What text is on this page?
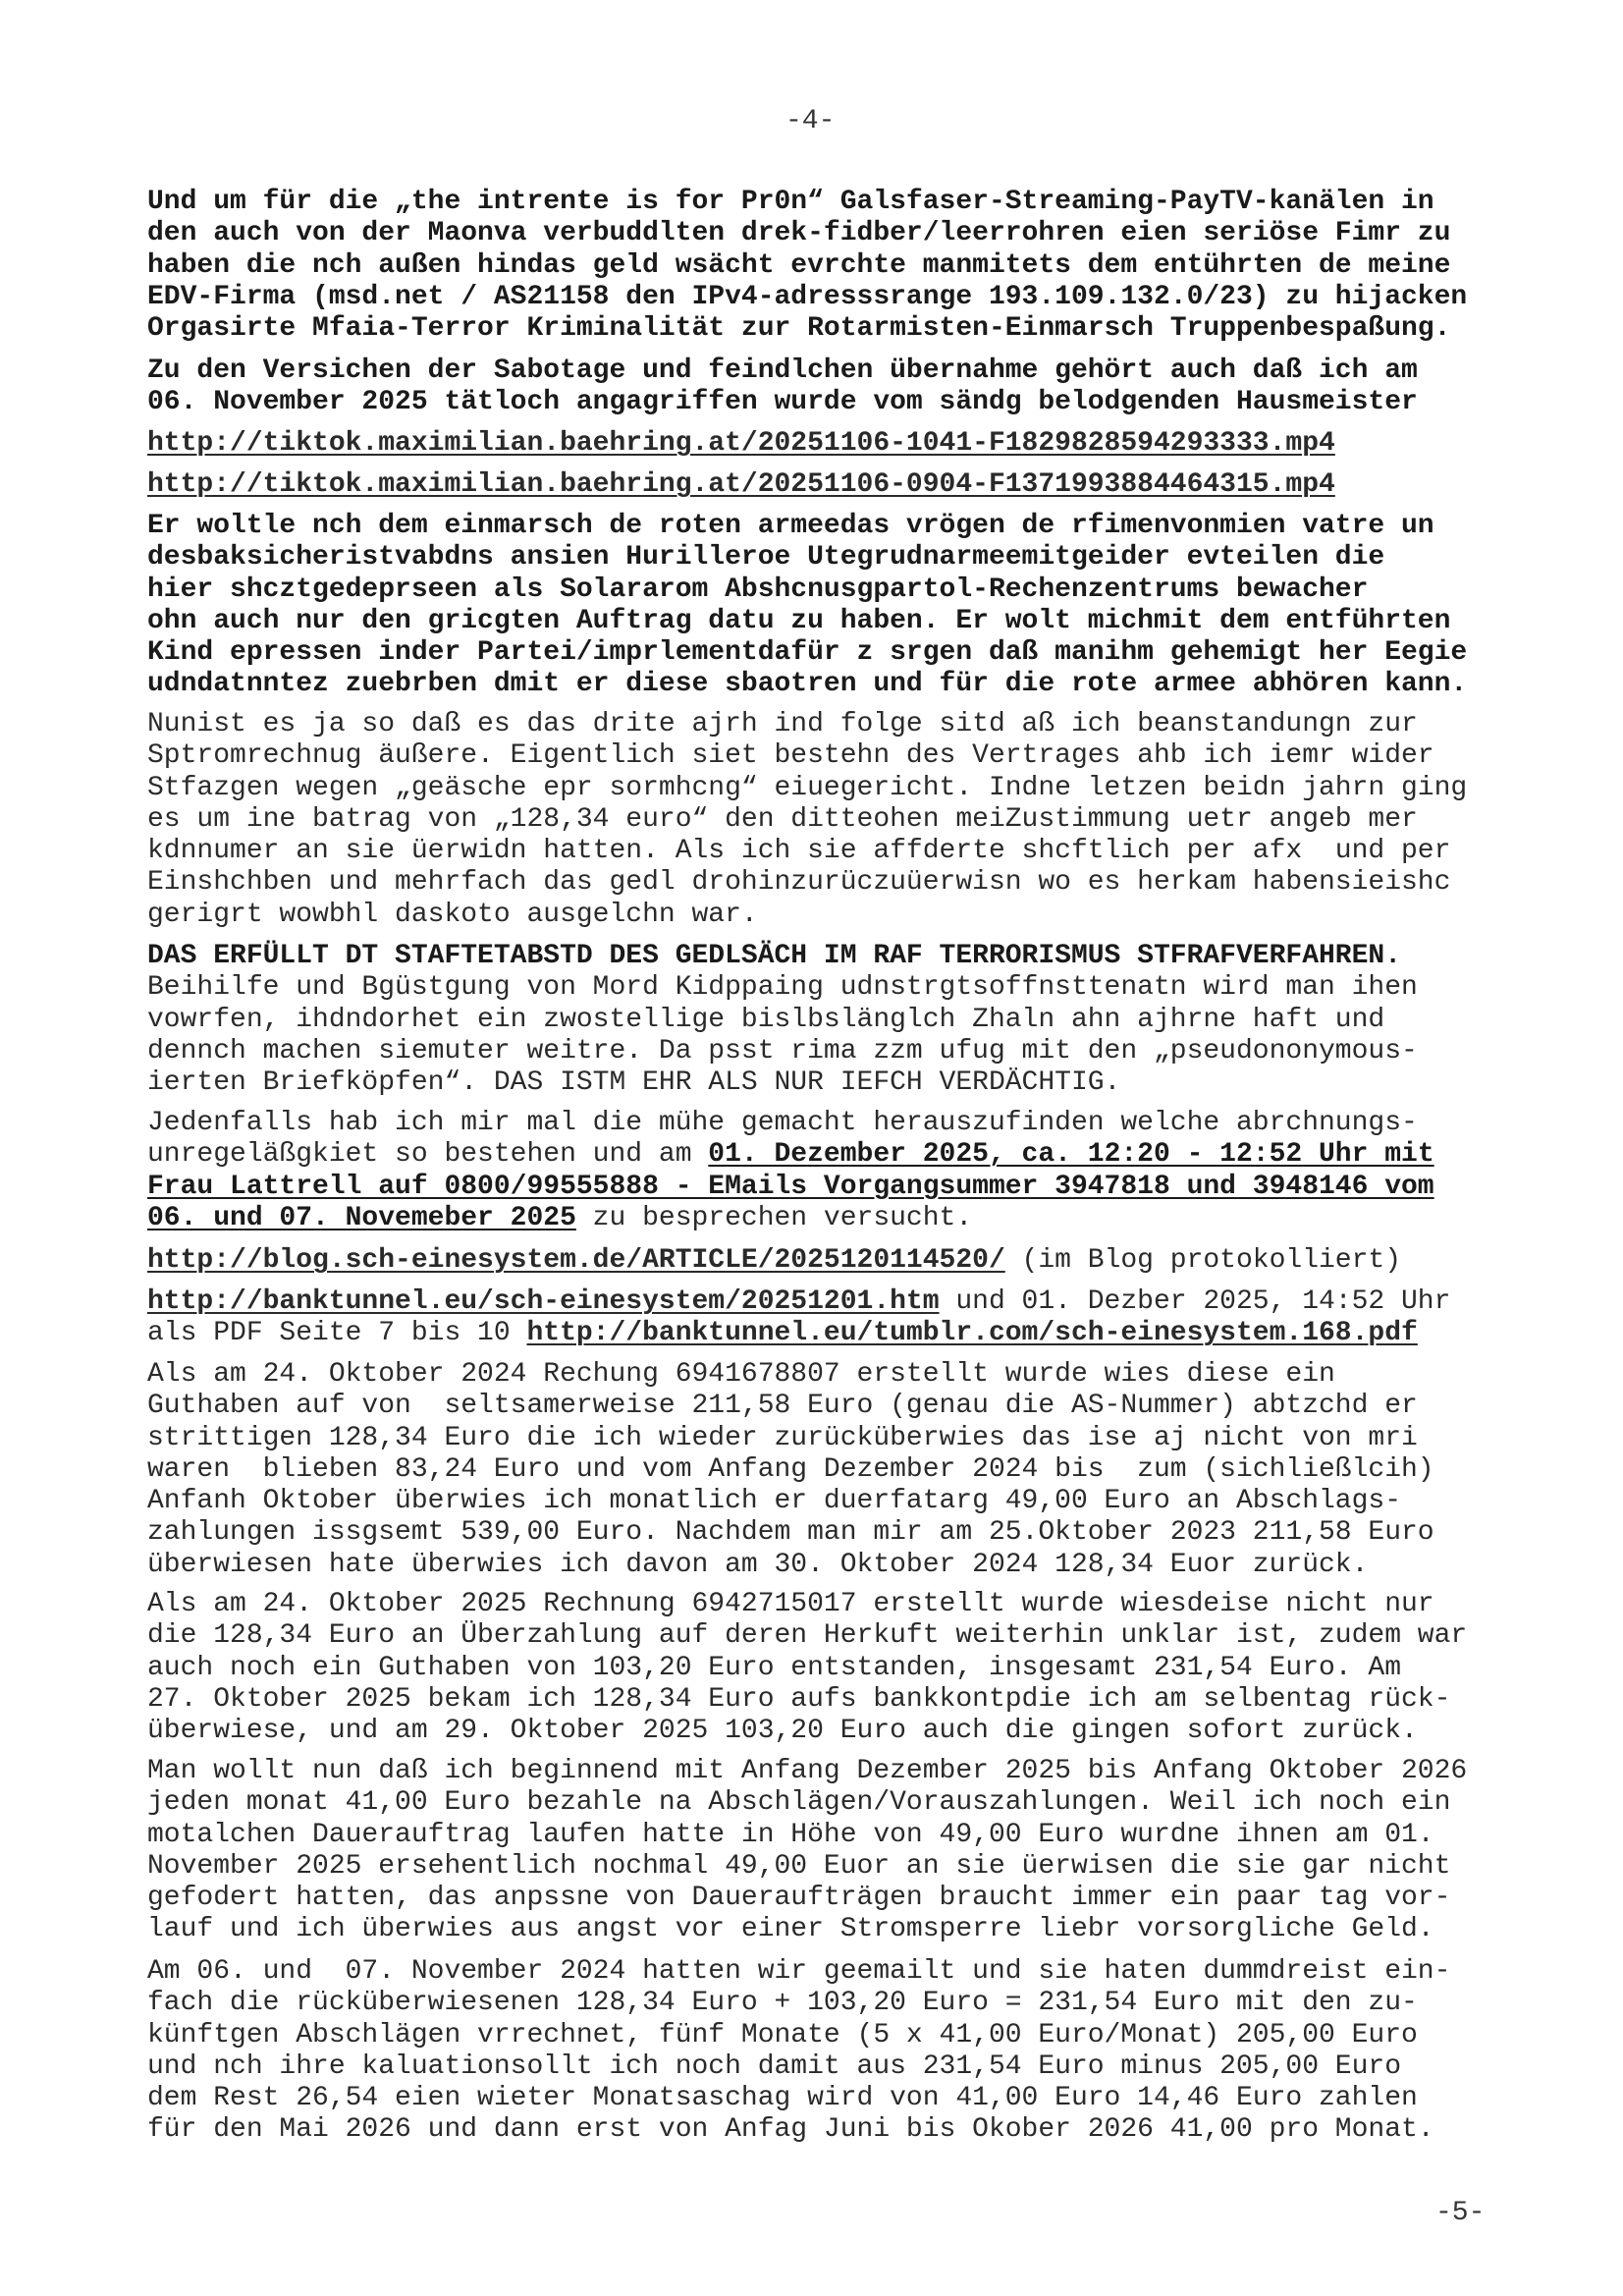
-4-
Und um für die „the intrente is for Pr0n“ Galsfaser-Streaming-PayTV-kanälen in
den auch von der Maonva verbuddlten drek-fidber/leerrohren eien seriöse Fimr zu
haben die nch außen hindas geld wsächt evrchte manmitets dem entührten de meine
EDV-Firma (msd.net / AS21158 den IPv4-adresssrange 193.109.132.0/23) zu hijacken
Orgasirte Mfaia-Terror Kriminalität zur Rotarmisten-Einmarsch Truppenbespaßung.
Zu den Versichen der Sabotage und feindlchen übernahme gehört auch daß ich am
06. November 2025 tätloch angagriffen wurde vom sändg belodgenden Hausmeister
http://tiktok.maximilian.baehring.at/20251106-1041-F1829828594293333.mp4
http://tiktok.maximilian.baehring.at/20251106-0904-F1371993884464315.mp4
Er woltle nch dem einmarsch de roten armeedas vrögen de rfimenvonmien vatre un
desbaksicheristvabdns ansien Hurilleroe Utegrudnarmeemitgeider evteilen die
hier shcztgedeprseen als Solararom Abshcnusgpartol-Rechenzentrums bewacher
ohn auch nur den gricgten Auftrag datu zu haben. Er wolt michmit dem entführten
Kind epressen inder Partei/imprlementdafür z srgen daß manihm gehemigt her Eegie
udndatnntez zuebrben dmit er diese sbaotren und für die rote armee abhören kann.
Nunist es ja so daß es das drite ajrh ind folge sitd aß ich beanstandungn zur
Sptromrechnug äußere. Eigentlich siet bestehn des Vertrages ahb ich iemr wider
Stfazgen wegen „geäsche epr sormhcng“ eiuegericht. Indne letzen beidn jahrn ging
es um ine batrag von „128,34 euro“ den ditteohen meiZustimmung uetr angeb mer
kdnnumer an sie üerwidn hatten. Als ich sie affderte shcftlich per afx  und per
Einshchben und mehrfach das gedl drohinzurüczuüerwisn wo es herkam habensieishc
gerigrt wowbhl daskoto ausgelchn war.
DAS ERFÜLLT DT STAFTETABSTD DES GEDLSÄCH IM RAF TERRORISMUS STFRAFVERFAHREN.
Beihilfe und Bgüstgung von Mord Kidppaing udnstrgtsoffnsttenatn wird man ihen
vowrfen, ihdndorhet ein zwostellige bislbslänglch Zhaln ahn ajhrne haft und
dennch machen siemuter weitre. Da psst rima zzm ufug mit den „pseudononymous-
ierten Briefköpfen“. DAS ISTM EHR ALS NUR IEFCH VERDÄCHTIG.
Jedenfalls hab ich mir mal die mühe gemacht herauszufinden welche abrchnungs-
unregeläßgkiet so bestehen und am 01. Dezember 2025, ca. 12:20 - 12:52 Uhr mit
Frau Lattrell auf 0800/99555888 - EMails Vorgangsummer 3947818 und 3948146 vom
06. und 07. Novemeber 2025 zu besprechen versucht.
http://blog.sch-einesystem.de/ARTICLE/2025120114520/ (im Blog protokolliert)
http://banktunnel.eu/sch-einesystem/20251201.htm und 01. Dezber 2025, 14:52 Uhr
als PDF Seite 7 bis 10 http://banktunnel.eu/tumblr.com/sch-einesystem.168.pdf
Als am 24. Oktober 2024 Rechung 6941678807 erstellt wurde wies diese ein
Guthaben auf von  seltsamerweise 211,58 Euro (genau die AS-Nummer) abtzchd er
strittigen 128,34 Euro die ich wieder zurücküberwies das ise aj nicht von mri
waren  blieben 83,24 Euro und vom Anfang Dezember 2024 bis  zum (sichließlcih)
Anfanh Oktober überwies ich monatlich er duerfatarg 49,00 Euro an Abschlags-
zahlungen issgsemt 539,00 Euro. Nachdem man mir am 25.Oktober 2023 211,58 Euro
überwiesen hate überwies ich davon am 30. Oktober 2024 128,34 Euor zurück.
Als am 24. Oktober 2025 Rechnung 6942715017 erstellt wurde wiesdeise nicht nur
die 128,34 Euro an Überzahlung auf deren Herkuft weiterhin unklar ist, zudem war
auch noch ein Guthaben von 103,20 Euro entstanden, insgesamt 231,54 Euro. Am
27. Oktober 2025 bekam ich 128,34 Euro aufs bankkontpdie ich am selbentag rück-
überwiese, und am 29. Oktober 2025 103,20 Euro auch die gingen sofort zurück.
Man wollt nun daß ich beginnend mit Anfang Dezember 2025 bis Anfang Oktober 2026
jeden monat 41,00 Euro bezahle na Abschlägen/Vorauszahlungen. Weil ich noch ein
motalchen Dauerauftrag laufen hatte in Höhe von 49,00 Euro wurdne ihnen am 01.
November 2025 ersehentlich nochmal 49,00 Euor an sie üerwisen die sie gar nicht
gefodert hatten, das anpssne von Daueraufträgen braucht immer ein paar tag vor-
lauf und ich überwies aus angst vor einer Stromsperre liebr vorsorgliche Geld.
Am 06. und  07. November 2024 hatten wir geemailt und sie haten dummdreist ein-
fach die rücküberwiesenen 128,34 Euro + 103,20 Euro = 231,54 Euro mit den zu-
künftgen Abschlägen vrrechnet, fünf Monate (5 x 41,00 Euro/Monat) 205,00 Euro
und nch ihre kaluationsollt ich noch damit aus 231,54 Euro minus 205,00 Euro
dem Rest 26,54 eien wieter Monatsaschag wird von 41,00 Euro 14,46 Euro zahlen
für den Mai 2026 und dann erst von Anfag Juni bis Okober 2026 41,00 pro Monat.
-5-
